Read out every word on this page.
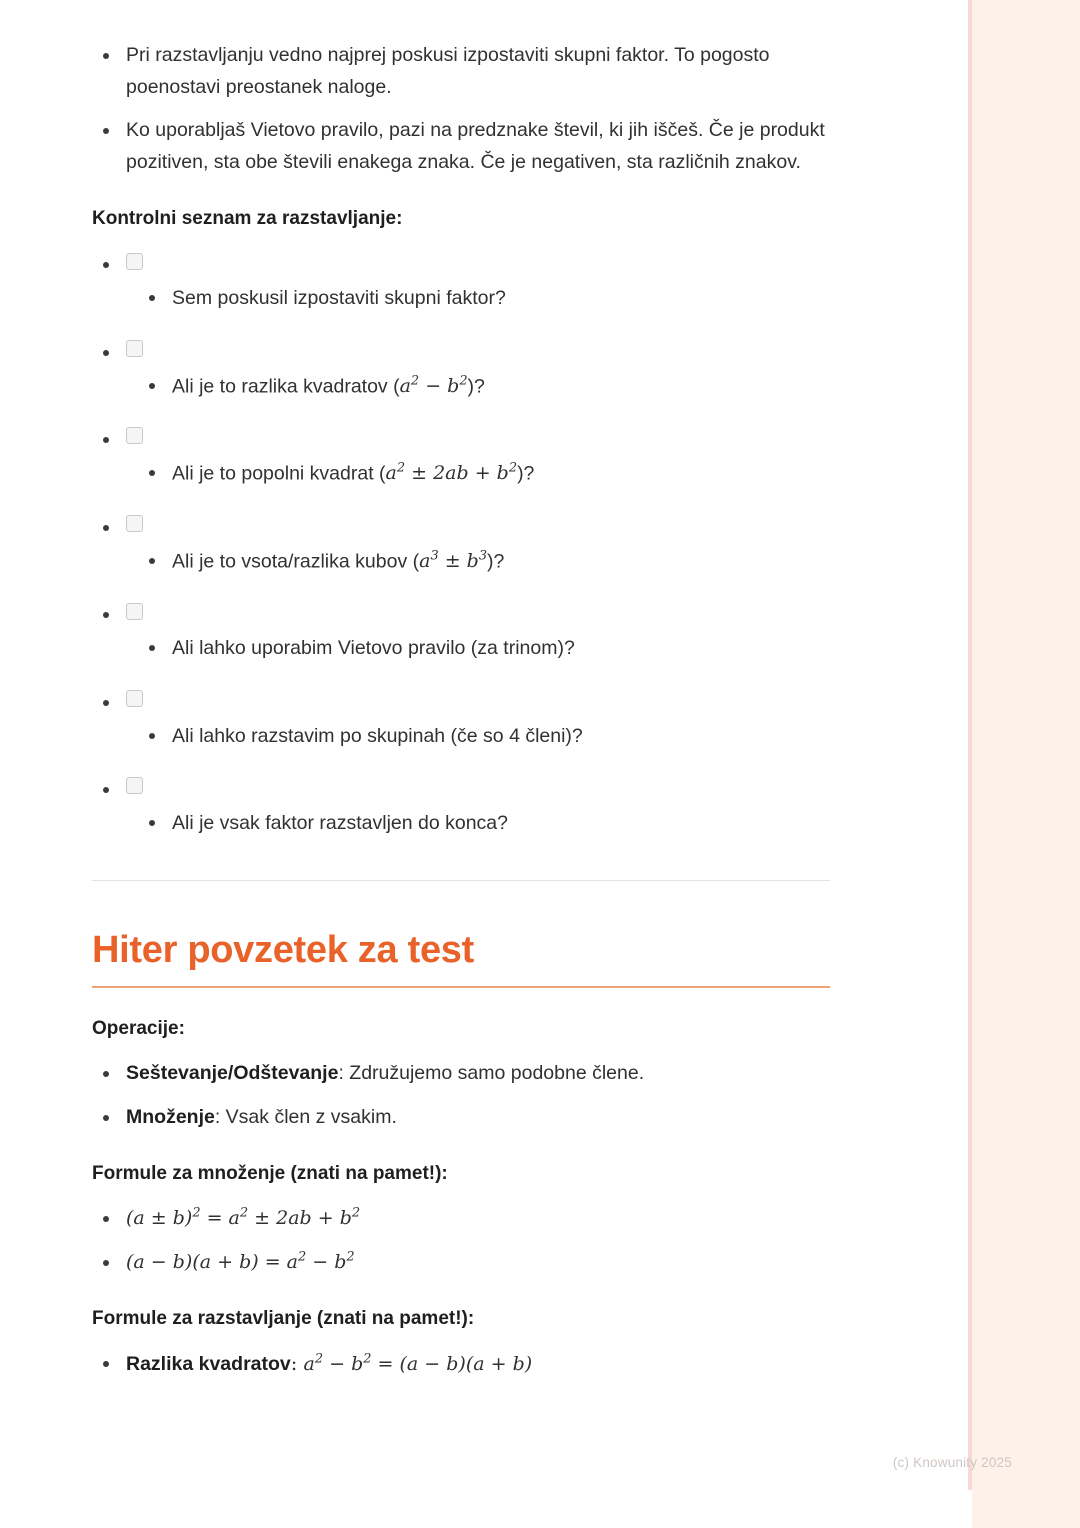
Pri razstavljanju vedno najprej poskusi izpostaviti skupni faktor. To pogosto poenostavi preostanek naloge.
Ko uporabljaš Vietovo pravilo, pazi na predznake števil, ki jih iščeš. Če je produkt pozitiven, sta obe števili enakega znaka. Če je negativen, sta različnih znakov.
Kontrolni seznam za razstavljanje:
Sem poskusil izpostaviti skupni faktor?
Ali je to razlika kvadratov $(a^2 - b^2)$?
Ali je to popolni kvadrat $(a^2 \pm 2ab + b^2)$?
Ali je to vsota/razlika kubov $(a^3 \pm b^3)$?
Ali lahko uporabim Vietovo pravilo (za trinom)?
Ali lahko razstavim po skupinah (če so 4 členi)?
Ali je vsak faktor razstavljen do konca?
Hiter povzetek za test
Operacije:
Seštevanje/Odštevanje: Združujemo samo podobne člene.
Množenje: Vsak člen z vsakim.
Formule za množenje (znati na pamet!):
$(a \pm b)^2 = a^2 \pm 2ab + b^2$
$(a - b)(a + b) = a^2 - b^2$
Formule za razstavljanje (znati na pamet!):
Razlika kvadratov: $a^2 - b^2 = (a - b)(a + b)$
(c) Knowunity 2025
